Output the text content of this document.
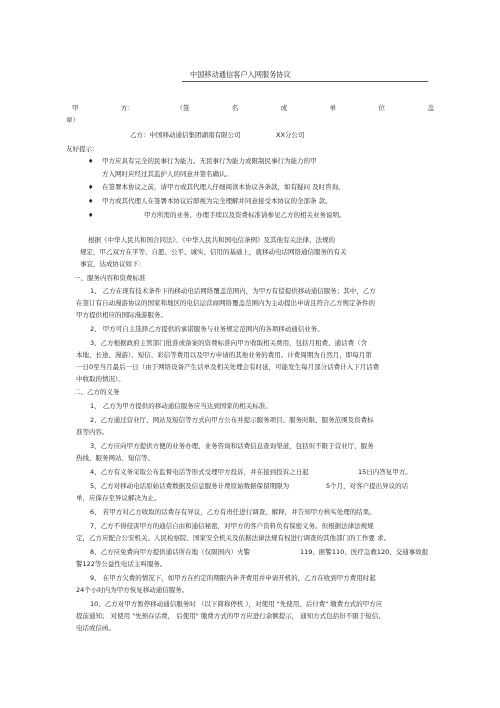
中国移动通信客户入网服务协议
甲	方：	（签	名	或	单	位	盖
章）
乙方：中国移动通信集团湖南有限公司	XX分公司
友好提示：
♦ 甲方应具有完全的民事行为能力。无民事行为能力或限制民事行为能力的甲
方入网时应经过其监护人的同意并签名确认。
♦ 在签署本协议之前，请甲方或其代理人仔细阅读本协议各条款，如有疑问 及时咨询。
♦ 甲方或其代理人在签署本协议后即视为完全理解并同意接受本协议的全部条 款。
♦	甲方所需的业务、办理手续以及资费标准请参见乙方的相关业务说明。
根据《中华人民共和国合同法》、《中华人民共和国电信条例》及其他有关法律、法规的
规定，甲乙双方在平等、自愿、公平、诚实、信用的基础上，就移动电话网络通信服务的有关
事宜，达成协议如下：
一、服务内容和资费标准
1、 乙方在现有技术条件下的移动电话网络覆盖范围内，为甲方有偿提供移动通信服务；其中，乙方
在签订有自动漫游协议的国家和地区的电信运营商网络覆盖范围内为主动提出申请且符合乙方规定条件的
甲方提供相应的国际漫游服务。
2、 甲方可自主选择乙方提供的承诺服务与业务规定范围内的各项移动通信业务。
3、乙方根据政府主管部门批准或备案的资费标准向甲方收取相关费用，包括月租费、通话费（含
本地、长途、漫游）、短信、彩信等费用以及甲方申请的其他业务的费用。计费周期为自然月，即每月第
一日0至当月最后一日（由于网络设备产生话单及相关处理会有时延，可能发生每月部分话费计入下月话费
中收取的情况）。
二、乙方的义务
1、 乙方为甲方提供的移动通信服务应当达到国家的相关标准。
2、乙方通过营业厅、网站及短信等方式向甲方公布并提示服务项目、服务时限、服务范围及资费标
准等内容。
3、乙方应向甲方提供方便的业务办理、业务咨询和话费信息查询渠道，包括但不限于营业厅、服务
热线、服务网站、短信等。
4、乙方有义务采取公布监督电话等形式受理甲方投诉，并在接到投诉之日起	15日内答复甲方。
5、乙方对移动电话原始话费数据及信息服务计费原始数据保留期限为	5个月，对客户提出异议的话
单，应保存至异议解决为止。
6、 若甲方对乙方收取的话费存有异议，乙方有责任进行调查、解释，并告知甲方核实处理的结果。
7、乙方不得侵害甲方的通信自由和通信秘密，对甲方的客户资料负有保密义务。但根据法律法规规
定，乙方应配合公安机关、人民检察院、国家安全机关及依据法律法规有权进行调查的其他部门的工作要 求。
8、乙方应免费向甲方提供通话所在地（仅限国内）火警	119、匪警110、医疗急救120、交通事故报
警122等公益性电话主叫服务。
9、 在甲方欠费的情况下，如甲方在约定的期限内补齐费用并申请开机的，乙方在收到甲方费用时起
24个小时内为甲方恢复移动通信服务。
10、乙方对甲方暂停移动通信服务时 （以下简称停机 ），对使用 "先使用、后付费" 缴费方式的甲方应
提前通知； 对使用 "先预存话费， 后使用" 缴费方式的甲方应进行余额提示， 通知方式包括但不限于短信、
电话或信函。
